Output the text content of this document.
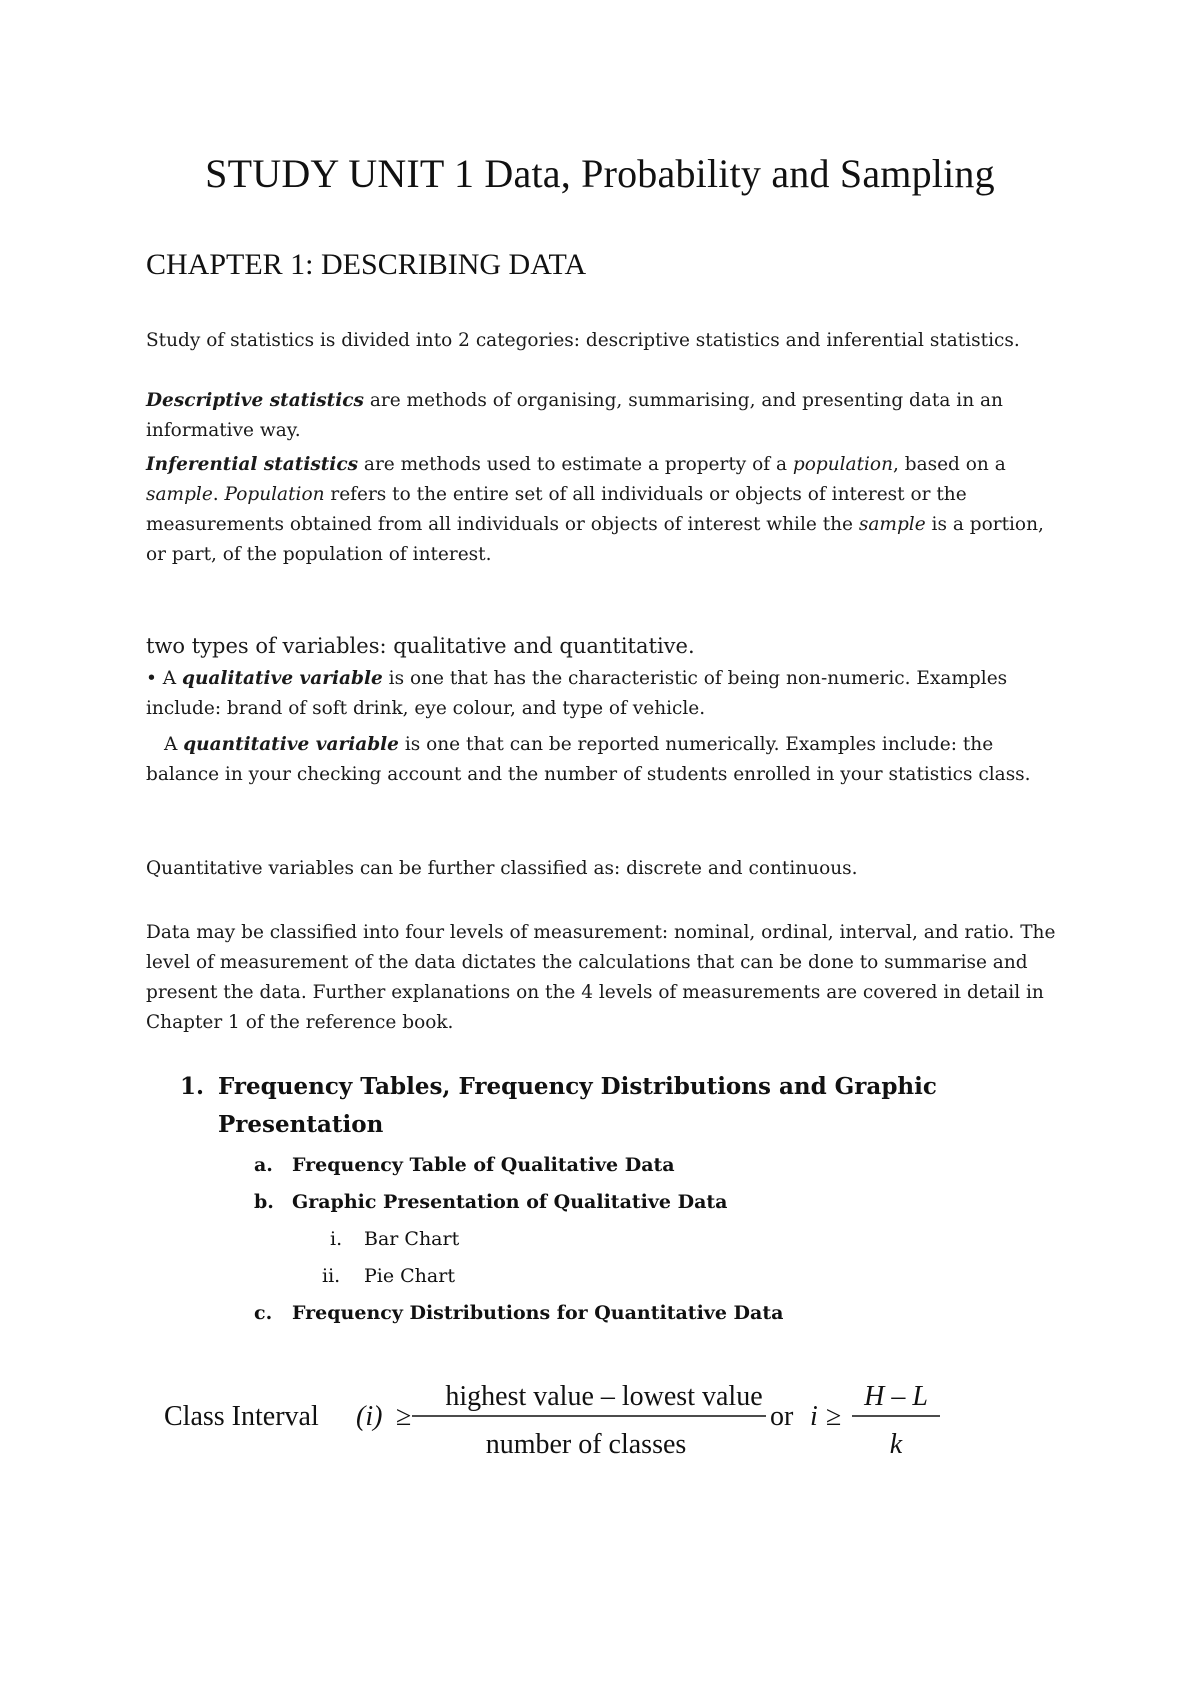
STUDY UNIT 1 Data, Probability and Sampling
CHAPTER 1: DESCRIBING DATA

Study of statistics is divided into 2 categories: descriptive statistics and inferential statistics.

Descriptive statistics are methods of organising, summarising, and presenting data in an informative way.

Inferential statistics are methods used to estimate a property of a population, based on a sample. Population refers to the entire set of all individuals or objects of interest or the measurements obtained from all individuals or objects of interest while the sample is a portion, or part, of the population of interest.

two types of variables: qualitative and quantitative.

• A qualitative variable is one that has the characteristic of being non-numeric. Examples include: brand of soft drink, eye colour, and type of vehicle.

A quantitative variable is one that can be reported numerically. Examples include: the balance in your checking account and the number of students enrolled in your statistics class.

Quantitative variables can be further classified as: discrete and continuous.

Data may be classified into four levels of measurement: nominal, ordinal, interval, and ratio. The level of measurement of the data dictates the calculations that can be done to summarise and present the data. Further explanations on the 4 levels of measurements are covered in detail in Chapter 1 of the reference book.

1. Frequency Tables, Frequency Distributions and Graphic
Presentation
a. Frequency Table of Qualitative Data
b. Graphic Presentation of Qualitative Data
i. Bar Chart
ii. Pie Chart
c. Frequency Distributions for Quantitative Data
Class Interval (i) ≥
highest value – lowest value
number of classes
or i ≥
H – L
k
